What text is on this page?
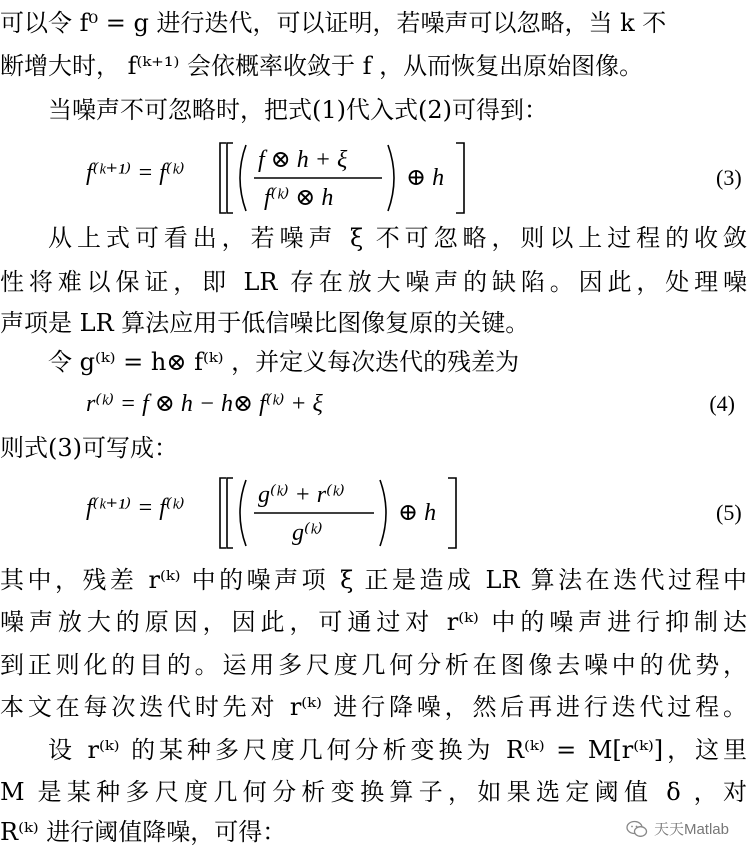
可以令 f⁰ = g 进行迭代，可以证明，若噪声可以忽略，当 k 不
断增大时， f⁽ᵏ⁺¹⁾ 会依概率收敛于 f ，从而恢复出原始图像。
当噪声不可忽略时，把式(1)代入式(2)可得到：
f⁽ᵏ⁺¹⁾ = f⁽ᵏ⁾	f ⊗ h + ξ
f⁽ᵏ⁾ ⊗ h
⊕ h	(3)
从上式可看出，若噪声 ξ 不可忽略，则以上过程的收敛
性将难以保证，即 LR 存在放大噪声的缺陷。因此，处理噪
声项是 LR 算法应用于低信噪比图像复原的关键。
令 g⁽ᵏ⁾ = h⊗ f⁽ᵏ⁾ ，并定义每次迭代的残差为
r⁽ᵏ⁾ = f ⊗ h − h⊗ f⁽ᵏ⁾ + ξ	(4)
则式(3)可写成：
f⁽ᵏ⁺¹⁾ = f⁽ᵏ⁾	g⁽ᵏ⁾ + r⁽ᵏ⁾
g⁽ᵏ⁾
⊕ h	(5)
其中，残差 r⁽ᵏ⁾ 中的噪声项 ξ 正是造成 LR 算法在迭代过程中
噪声放大的原因，因此，可通过对 r⁽ᵏ⁾ 中的噪声进行抑制达
到正则化的目的。运用多尺度几何分析在图像去噪中的优势，
本文在每次迭代时先对 r⁽ᵏ⁾ 进行降噪，然后再进行迭代过程。
设 r⁽ᵏ⁾ 的某种多尺度几何分析变换为 R⁽ᵏ⁾ = M[r⁽ᵏ⁾]，这里
M 是某种多尺度几何分析变换算子，如果选定阈值 δ ，对
R⁽ᵏ⁾ 进行阈值降噪，可得：	天天Matlab
